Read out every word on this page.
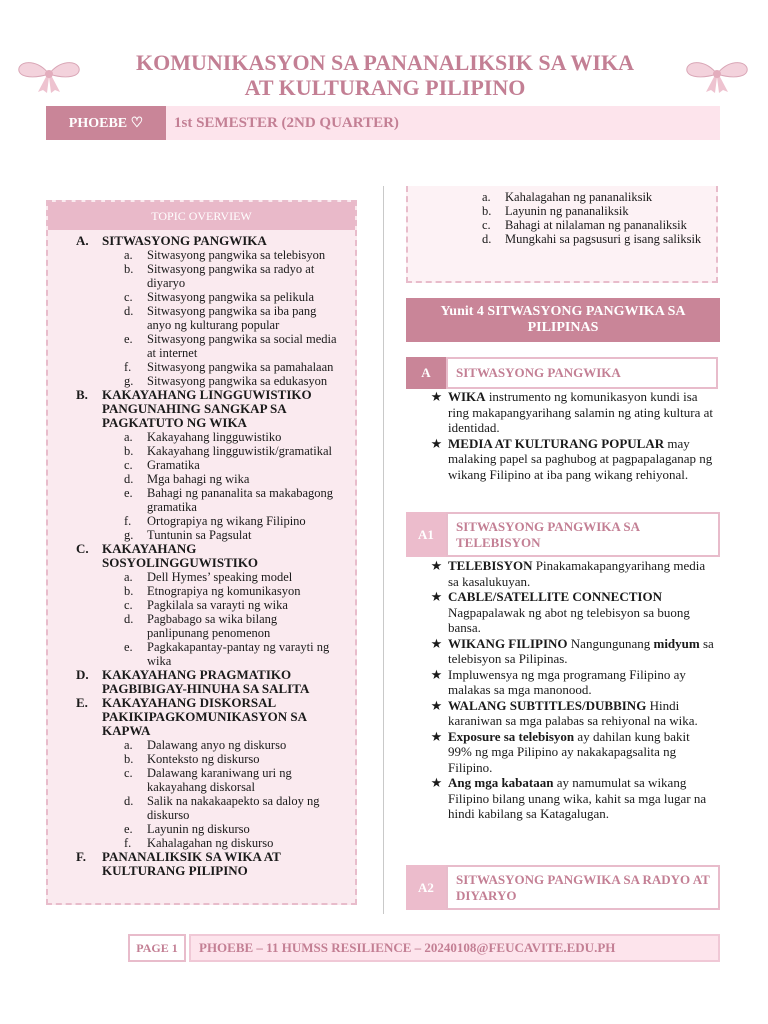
KOMUNIKASYON SA PANANALIKSIK SA WIKA
AT KULTURANG PILIPINO
PHOEBE ♡	1st SEMESTER (2ND QUARTER)
TOPIC OVERVIEW
A.	SITWASYONG PANGWIKA
a.	Sitwasyong pangwika sa telebisyon
b.	Sitwasyong pangwika sa radyo at diyaryo
c.	Sitwasyong pangwika sa pelikula
d.	Sitwasyong pangwika sa iba pang anyo ng kulturang popular
e.	Sitwasyong pangwika sa social media at internet
f.	Sitwasyong pangwika sa pamahalaan
g.	Sitwasyong pangwika sa edukasyon
B.	KAKAYAHANG LINGGUWISTIKO PANGUNAHING SANGKAP SA PAGKATUTO NG WIKA
a.	Kakayahang lingguwistiko
b.	Kakayahang lingguwistik/gramatikal
c.	Gramatika
d.	Mga bahagi ng wika
e.	Bahagi ng pananalita sa makabagong gramatika
f.	Ortograpiya ng wikang Filipino
g.	Tuntunin sa Pagsulat
C.	KAKAYAHANG SOSYOLINGGUWISTIKO
a.	Dell Hymes’ speaking model
b.	Etnograpiya ng komunikasyon
c.	Pagkilala sa varayti ng wika
d.	Pagbabago sa wika bilang panlipunang penomenon
e.	Pagkakapantay-pantay ng varayti ng wika
D.	KAKAYAHANG PRAGMATIKO PAGBIBIGAY-HINUHA SA SALITA
E.	KAKAYAHANG DISKORSAL PAKIKIPAGKOMUNIKASYON SA KAPWA
a.	Dalawang anyo ng diskurso
b.	Konteksto ng diskurso
c.	Dalawang karaniwang uri ng kakayahang diskorsal
d.	Salik na nakakaapekto sa daloy ng diskurso
e.	Layunin ng diskurso
f.	Kahalagahan ng diskurso
F.	PANANALIKSIK SA WIKA AT KULTURANG PILIPINO
a.	Kahalagahan ng pananaliksik
b.	Layunin ng pananaliksik
c.	Bahagi at nilalaman ng pananaliksik
d.	Mungkahi sa pagsusuri g isang saliksik
Yunit 4 SITWASYONG PANGWIKA SA PILIPINAS
A	SITWASYONG PANGWIKA
★ WIKA instrumento ng komunikasyon kundi isa ring makapangyarihang salamin ng ating kultura at identidad.
★ MEDIA AT KULTURANG POPULAR may malaking papel sa paghubog at pagpapalaganap ng wikang Filipino at iba pang wikang rehiyonal.
A1
SITWASYONG PANGWIKA SA TELEBISYON
★ TELEBISYON Pinakamakapangyarihang media sa kasalukuyan.
★ CABLE/SATELLITE CONNECTION Nagpapalawak ng abot ng telebisyon sa buong bansa.
★ WIKANG FILIPINO Nangungunang midyum sa telebisyon sa Pilipinas.
★ Impluwensya ng mga programang Filipino ay malakas sa mga manonood.
★ WALANG SUBTITLES/DUBBING Hindi karaniwan sa mga palabas sa rehiyonal na wika.
★ Exposure sa telebisyon ay dahilan kung bakit 99% ng mga Pilipino ay nakakapagsalita ng Filipino.
★ Ang mga kabataan ay namumulat sa wikang Filipino bilang unang wika, kahit sa mga lugar na hindi kabilang sa Katagalugan.
A2
SITWASYONG PANGWIKA SA RADYO AT DIYARYO
PAGE 1	PHOEBE – 11 HUMSS RESILIENCE – 20240108@FEUCAVITE.EDU.PH
